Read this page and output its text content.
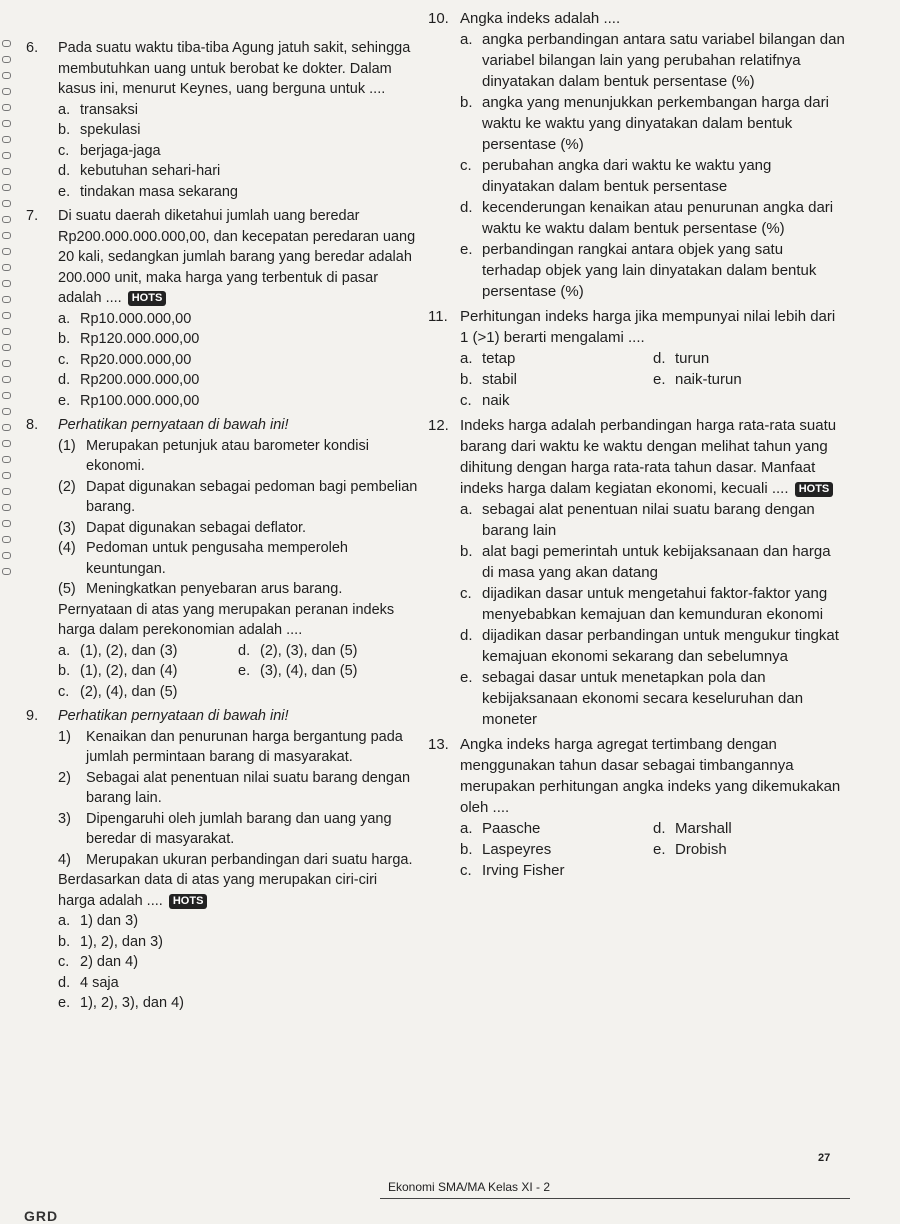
6. Pada suatu waktu tiba-tiba Agung jatuh sakit, sehingga membutuhkan uang untuk berobat ke dokter. Dalam kasus ini, menurut Keynes, uang berguna untuk ....

a. transaksi
b. spekulasi
c. berjaga-jaga
d. kebutuhan sehari-hari
e. tindakan masa sekarang
7. Di suatu daerah diketahui jumlah uang beredar Rp200.000.000.000,00, dan kecepatan peredaran uang 20 kali, sedangkan jumlah barang yang beredar adalah 200.000 unit, maka harga yang terbentuk di pasar adalah .... HOTS

a. Rp10.000.000,00
b. Rp120.000.000,00
c. Rp20.000.000,00
d. Rp200.000.000,00
e. Rp100.000.000,00
8. Perhatikan pernyataan di bawah ini!

(1) Merupakan petunjuk atau barometer kondisi ekonomi.
(2) Dapat digunakan sebagai pedoman bagi pembelian barang.
(3) Dapat digunakan sebagai deflator.
(4) Pedoman untuk pengusaha memperoleh keuntungan.
(5) Meningkatkan penyebaran arus barang.

Pernyataan di atas yang merupakan peranan indeks harga dalam perekonomian adalah ....

a. (1), (2), dan (3)	d. (2), (3), dan (5)
b. (1), (2), dan (4)	e. (3), (4), dan (5)
c. (2), (4), dan (5)
9. Perhatikan pernyataan di bawah ini!

1) Kenaikan dan penurunan harga bergantung pada jumlah permintaan barang di masyarakat.
2) Sebagai alat penentuan nilai suatu barang dengan barang lain.
3) Dipengaruhi oleh jumlah barang dan uang yang beredar di masyarakat.
4) Merupakan ukuran perbandingan dari suatu harga.

Berdasarkan data di atas yang merupakan ciri-ciri harga adalah .... HOTS

a. 1) dan 3)
b. 1), 2), dan 3)
c. 2) dan 4)
d. 4 saja
e. 1), 2), 3), dan 4)
10. Angka indeks adalah ....

a. angka perbandingan antara satu variabel bilangan dan variabel bilangan lain yang perubahan relatifnya dinyatakan dalam bentuk persentase (%)
b. angka yang menunjukkan perkembangan harga dari waktu ke waktu yang dinyatakan dalam bentuk persentase (%)
c. perubahan angka dari waktu ke waktu yang dinyatakan dalam bentuk persentase
d. kecenderungan kenaikan atau penurunan angka dari waktu ke waktu dalam bentuk persentase (%)
e. perbandingan rangkai antara objek yang satu terhadap objek yang lain dinyatakan dalam bentuk persentase (%)
11. Perhitungan indeks harga jika mempunyai nilai lebih dari 1 (>1) berarti mengalami ....

a. tetap	d. turun
b. stabil	e. naik-turun
c. naik
12. Indeks harga adalah perbandingan harga rata-rata suatu barang dari waktu ke waktu dengan melihat tahun yang dihitung dengan harga rata-rata tahun dasar. Manfaat indeks harga dalam kegiatan ekonomi, kecuali .... HOTS

a. sebagai alat penentuan nilai suatu barang dengan barang lain
b. alat bagi pemerintah untuk kebijaksanaan dan harga di masa yang akan datang
c. dijadikan dasar untuk mengetahui faktor-faktor yang menyebabkan kemajuan dan kemunduran ekonomi
d. dijadikan dasar perbandingan untuk mengukur tingkat kemajuan ekonomi sekarang dan sebelumnya
e. sebagai dasar untuk menetapkan pola dan kebijaksanaan ekonomi secara keseluruhan dan moneter
13. Angka indeks harga agregat tertimbang dengan menggunakan tahun dasar sebagai timbangannya merupakan perhitungan angka indeks yang dikemukakan oleh ....

a. Paasche	d. Marshall
b. Laspeyres	e. Drobish
c. Irving Fisher
27
Ekonomi SMA/MA Kelas XI - 2
GRD
